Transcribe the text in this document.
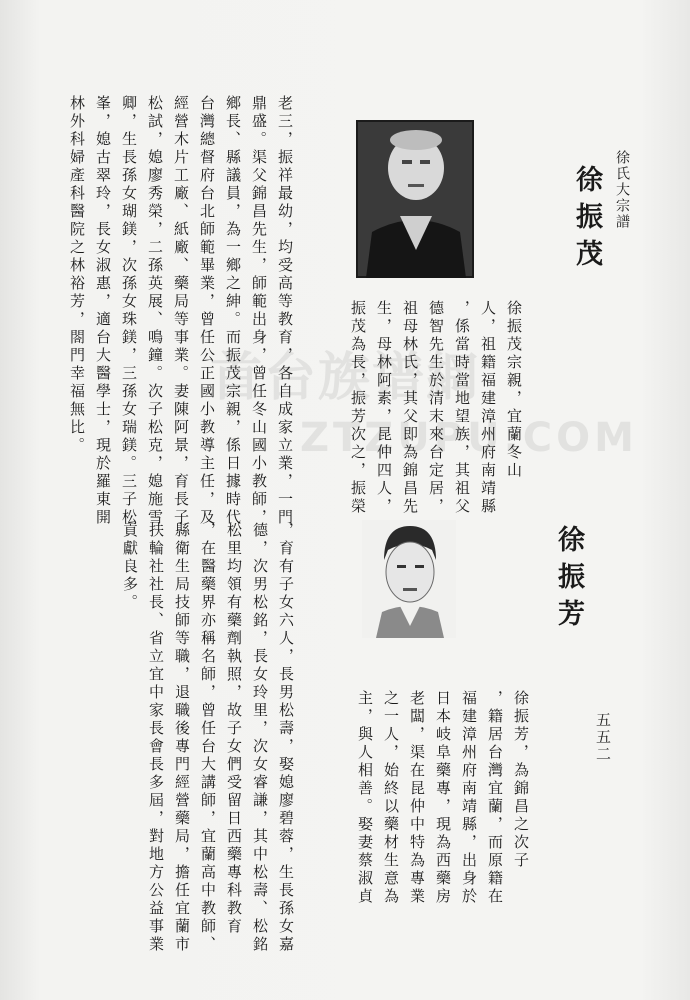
首台族谱網
ZTZUPU.COM
徐氏大宗譜
徐振茂
徐振茂宗親，宜蘭冬山
人，祖籍福建漳州府南靖縣
，係當時當地望族，其祖父
德智先生於清末來台定居，
祖母林氏，其父即為錦昌先
生，母林阿素，昆仲四人，
振茂為長，振芳次之，振榮
老三，振祥最幼，均受高等教育，各自成家立業，一門
鼎盛。渠父錦昌先生，師範出身，曾任冬山國小教師，
鄉長、縣議員，為一鄉之紳。而振茂宗親，係日據時代
台灣總督府台北師範畢業，曾任公正國小教導主任，及
經營木片工廠、紙廠、藥局等事業。妻陳阿景，育長子
松試，媳廖秀榮，二孫英展、鳴鐘。次子松克，媳施雪
卿，生長孫女瑚鎂，次孫女珠鎂，三孫女瑞鎂。三子松
峯，媳古翠玲，長女淑惠，適台大醫學士，現於羅東開
林外科婦產科醫院之林裕芳，閤門幸福無比。
徐振芳
徐振芳，為錦昌之次子
，籍居台灣宜蘭，而原籍在
福建漳州府南靖縣，出身於
日本岐阜藥專，現為西藥房
老闆，渠在昆仲中特為專業
之一人，始終以藥材生意為
主，與人相善。娶妻蔡淑貞
，育有子女六人，長男松壽，娶媳廖碧蓉，生長孫女嘉
德，次男松銘，長女玲里，次女睿謙，其中松壽、松銘
松里均領有藥劑執照，故子女們受留日西藥專科教育
，在醫藥界亦稱名師，曾任台大講師，宜蘭高中教師、
縣衛生局技師等職，退職後專門經營藥局，擔任宜蘭市
扶輪社社長、省立宜中家長會長多屆，對地方公益事業
貢獻良多。
五五二
